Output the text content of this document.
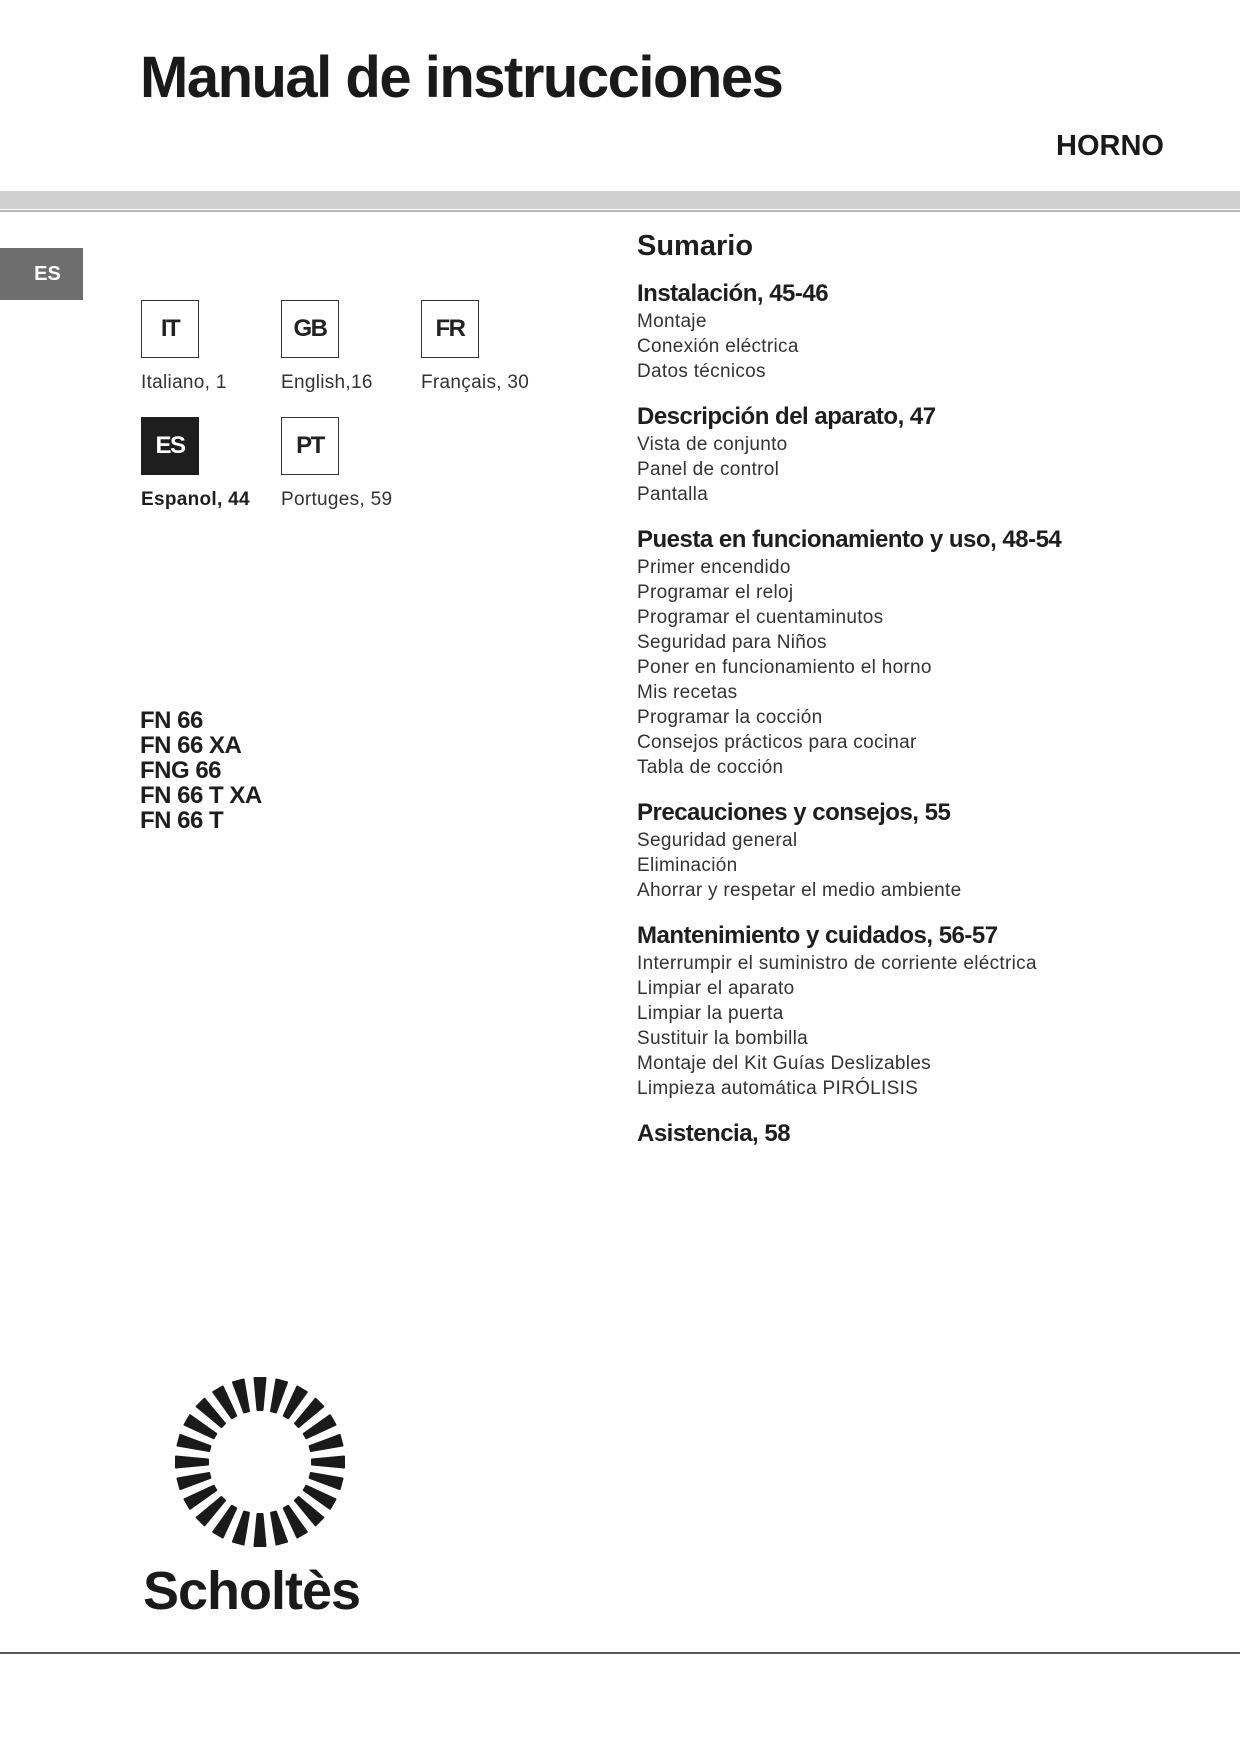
Manual de instrucciones
HORNO
ES
IT
Italiano, 1
GB
English,16
FR
Français, 30
ES
Espanol, 44
PT
Portuges, 59
FN 66
FN 66 XA
FNG 66
FN 66 T XA
FN 66 T
Sumario
Instalación, 45-46
Montaje
Conexión eléctrica
Datos técnicos
Descripción del aparato, 47
Vista de conjunto
Panel de control
Pantalla
Puesta en funcionamiento y uso, 48-54
Primer encendido
Programar el reloj
Programar el cuentaminutos
Seguridad para Niños
Poner en funcionamiento el horno
Mis recetas
Programar la cocción
Consejos prácticos para cocinar
Tabla de cocción
Precauciones y consejos, 55
Seguridad general
Eliminación
Ahorrar y respetar el medio ambiente
Mantenimiento y cuidados, 56-57
Interrumpir el suministro de corriente eléctrica
Limpiar el aparato
Limpiar la puerta
Sustituir la bombilla
Montaje del Kit Guías Deslizables
Limpieza automática PIRÓLISIS
Asistencia, 58
Scholtès
